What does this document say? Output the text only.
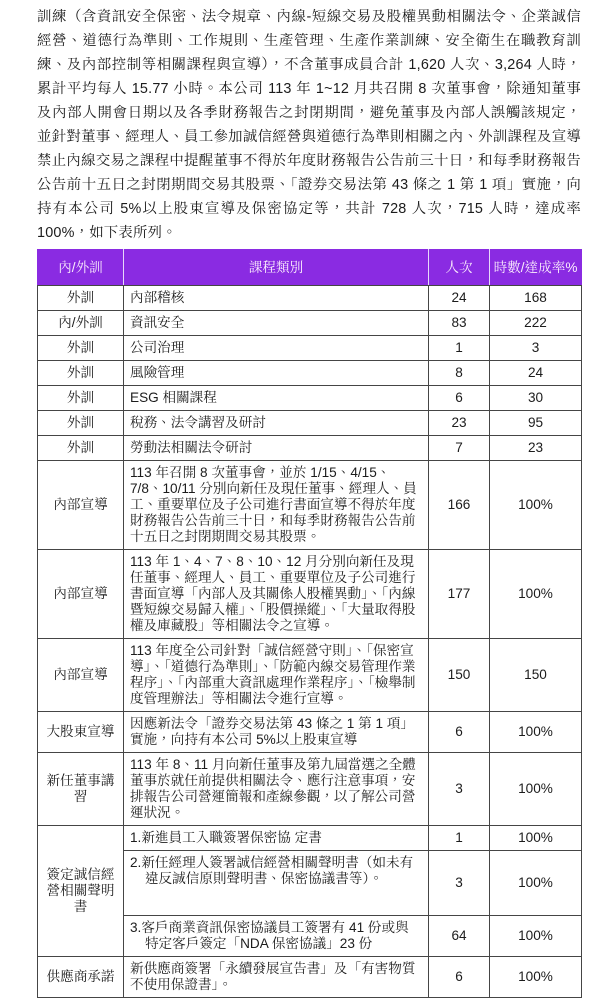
訓練（含資訊安全保密、法令規章、內線-短線交易及股權異動相關法令、企業誠信經營、道德行為準則、工作規則、生產管理、生產作業訓練、安全衛生在職教育訓練、及內部控制等相關課程與宣導），不含董事成員合計 1,620 人次、3,264 人時，累計平均每人 15.77 小時。本公司 113 年 1~12 月共召開 8 次董事會，除通知董事及內部人開會日期以及各季財務報告之封閉期間，避免董事及內部人誤觸該規定， 並針對董事、經理人、員工參加誠信經營與道德行為準則相關之內、外訓課程及宣導禁止內線交易之課程中提醒董事不得於年度財務報告公告前三十日，和每季財務報告公告前十五日之封閉期間交易其股票、「證券交易法第 43 條之 1 第 1 項」實施，向持有本公司 5%以上股東宣導及保密協定等，共計 728 人次，715 人時，達成率 100%，如下表所列。
內/外訓	課程類別	人次	時數/達成率%
外訓	內部稽核	24	168
內/外訓	資訊安全	83	222
外訓	公司治理	1	3
外訓	風險管理	8	24
外訓	ESG 相關課程	6	30
外訓	稅務、法令講習及研討	23	95
外訓	勞動法相關法令研討	7	23
內部宣導	113 年召開 8 次董事會，並於 1/15、4/15、7/8、10/11 分別向新任及現任董事、經理人、員工、重要單位及子公司進行書面宣導不得於年度財務報告公告前三十日，和每季財務報告公告前十五日之封閉期間交易其股票。	166	100%
內部宣導	113 年 1、4、7、8、10、12 月分別向新任及現任董事、經理人、員工、重要單位及子公司進行書面宣導「內部人及其關係人股權異動」、「內線暨短線交易歸入權」、「股價操縱」、「大量取得股權及庫藏股」等相關法令之宣導。	177	100%
內部宣導	113 年度全公司針對「誠信經營守則」、「保密宣導」、「道德行為準則」、「防範內線交易管理作業程序」、「內部重大資訊處理作業程序」、「檢舉制度管理辦法」等相關法令進行宣導。	150	150
大股東宣導	因應新法令「證券交易法第 43 條之 1 第 1 項」實施，向持有本公司 5%以上股東宣導	6	100%
新任董事講習	113 年 8、11 月向新任董事及第九屆當選之全體董事於就任前提供相關法令、應行注意事項，安排報告公司營運簡報和產線參觀，以了解公司營運狀況。	3	100%
簽定誠信經營相關聲明書	1.新進員工入職簽署保密協 定書	1	100%
	2.新任經理人簽署誠信經營相關聲明書（如未有違反誠信原則聲明書、保密協議書等）。	3	100%
	3.客戶商業資訊保密協議員工簽署有 41 份或與特定客戶簽定「NDA 保密協議」23 份	64	100%
供應商承諾	新供應商簽署「永續發展宣告書」及「有害物質不使用保證書」。	6	100%
